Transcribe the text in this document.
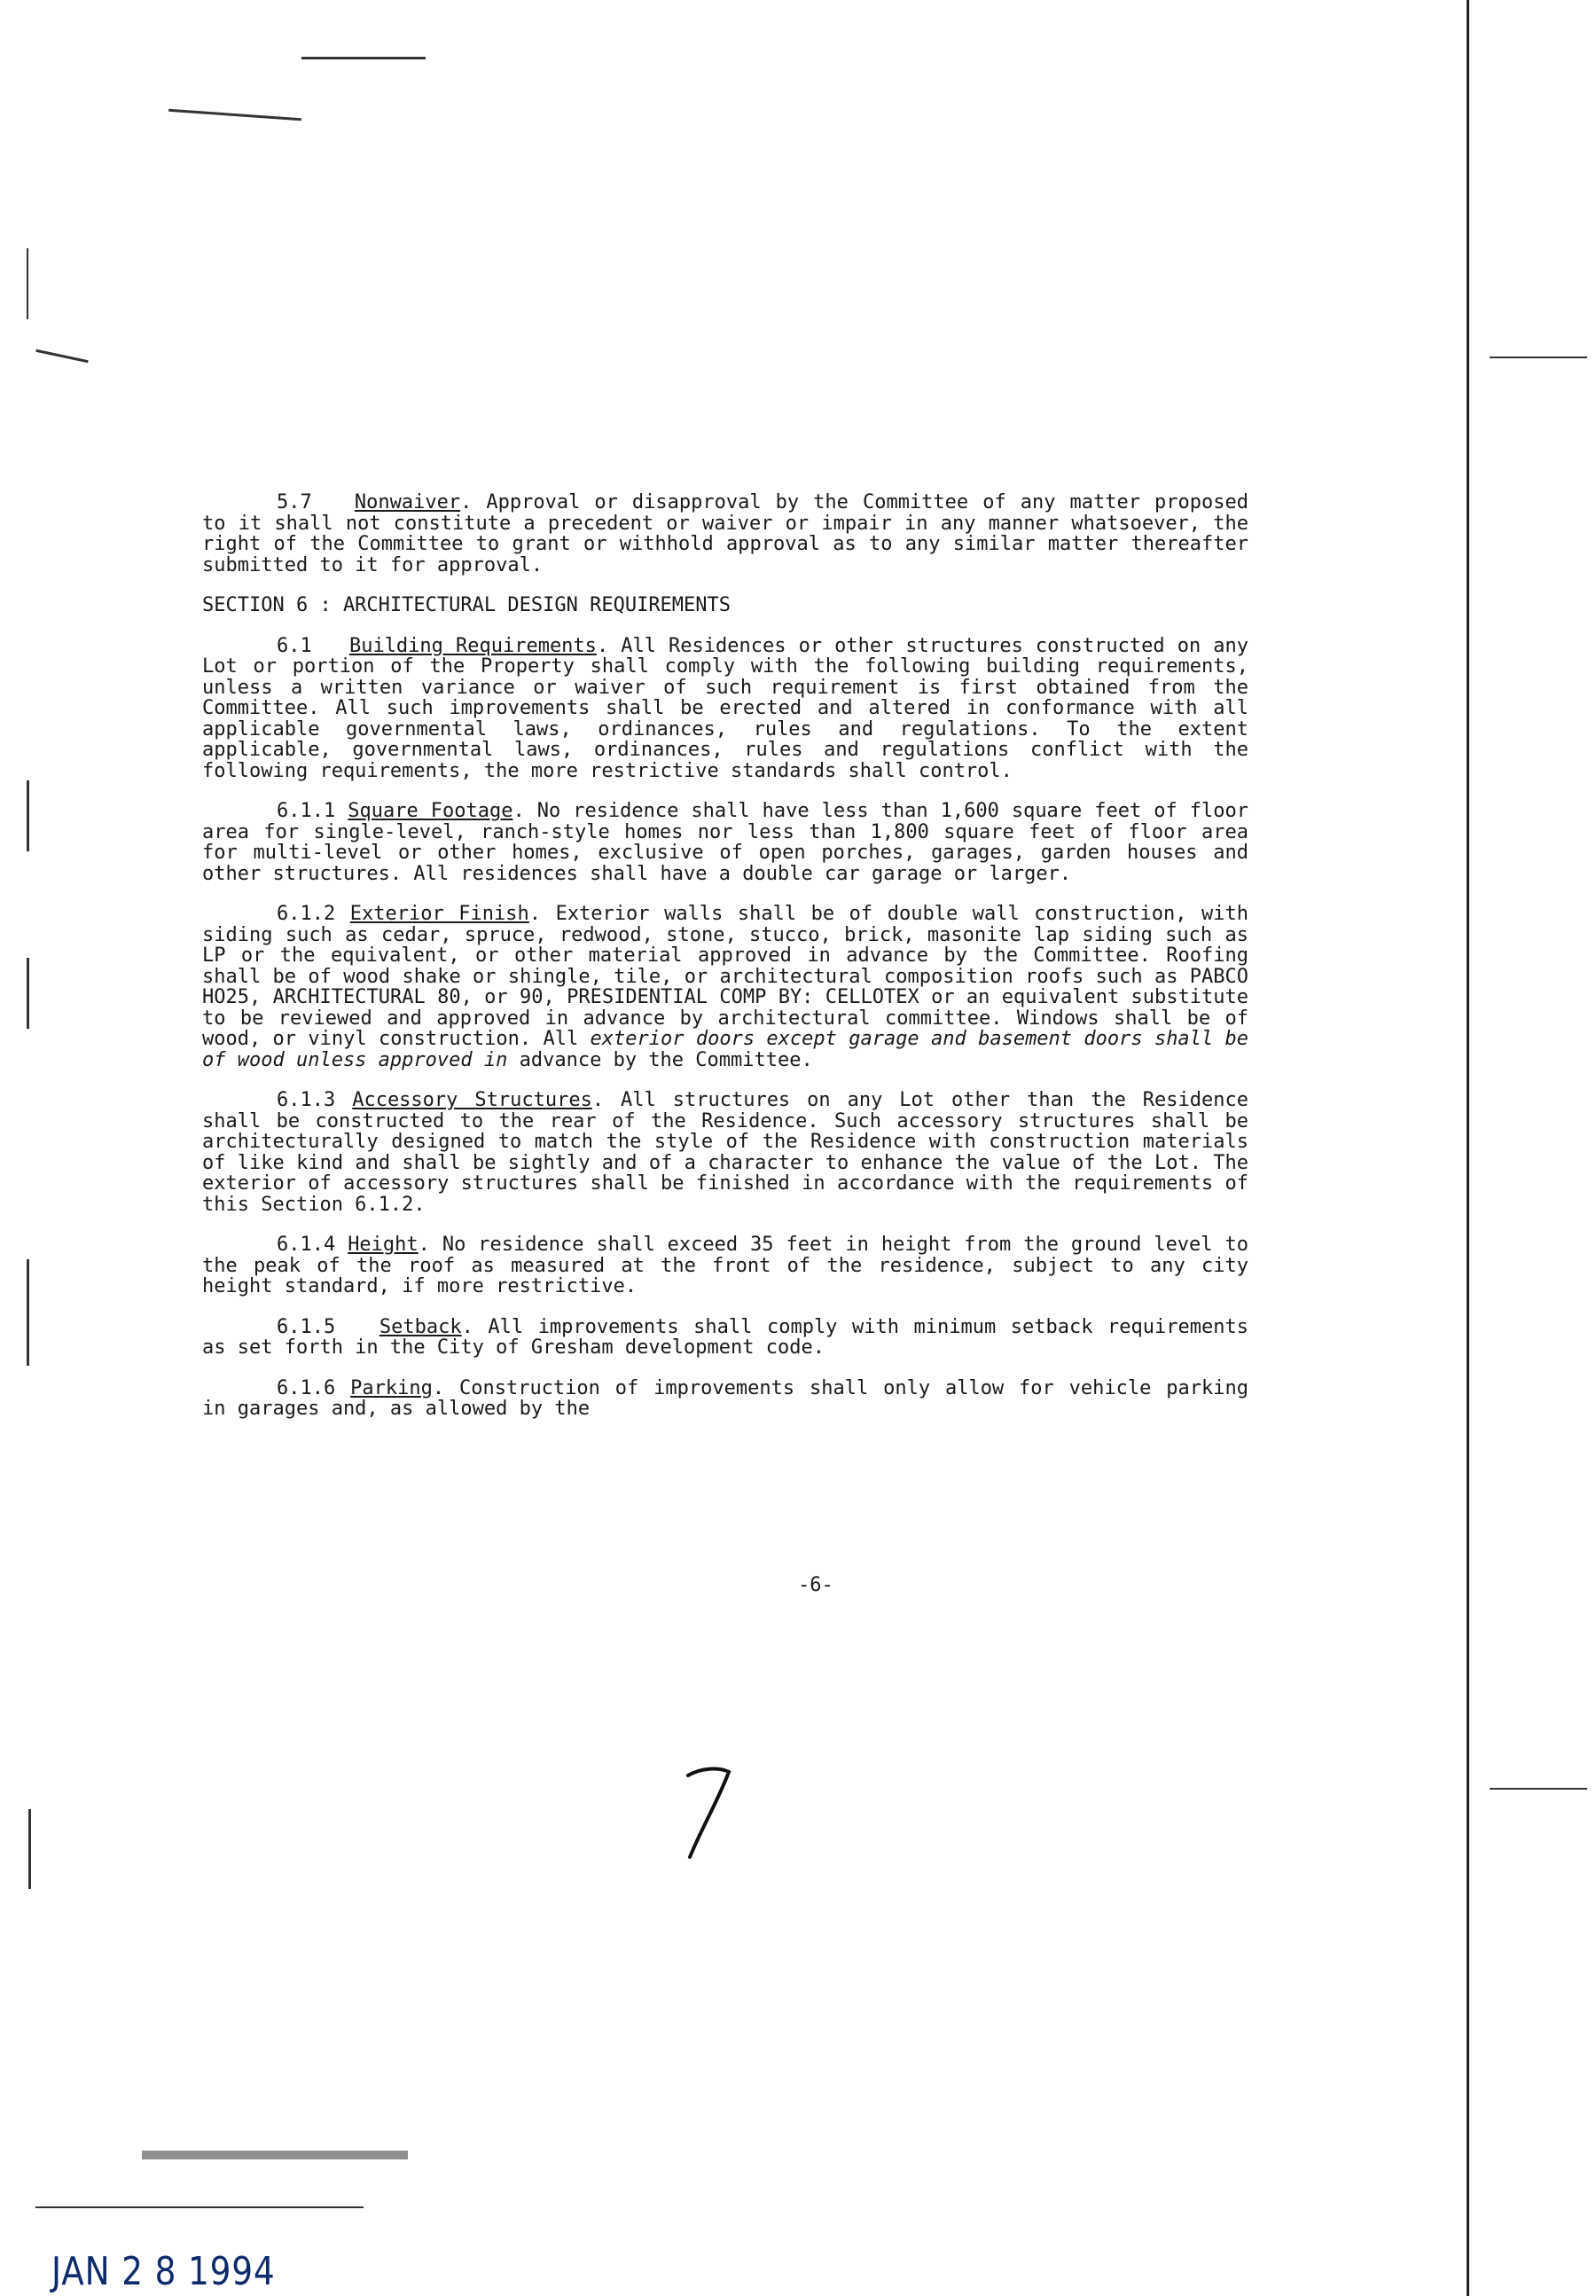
5.7 Nonwaiver. Approval or disapproval by the Committee of any matter proposed to it shall not constitute a precedent or waiver or impair in any manner whatsoever, the right of the Committee to grant or withhold approval as to any similar matter thereafter submitted to it for approval.

SECTION 6 : ARCHITECTURAL DESIGN REQUIREMENTS

6.1 Building Requirements. All Residences or other structures constructed on any Lot or portion of the Property shall comply with the following building requirements, unless a written variance or waiver of such requirement is first obtained from the Committee. All such improvements shall be erected and altered in conformance with all applicable governmental laws, ordinances, rules and regulations. To the extent applicable, governmental laws, ordinances, rules and regulations conflict with the following requirements, the more restrictive standards shall control.

6.1.1 Square Footage. No residence shall have less than 1,600 square feet of floor area for single-level, ranch-style homes nor less than 1,800 square feet of floor area for multi-level or other homes, exclusive of open porches, garages, garden houses and other structures. All residences shall have a double car garage or larger.

6.1.2 Exterior Finish. Exterior walls shall be of double wall construction, with siding such as cedar, spruce, redwood, stone, stucco, brick, masonite lap siding such as LP or the equivalent, or other material approved in advance by the Committee. Roofing shall be of wood shake or shingle, tile, or architectural composition roofs such as PABCO HO25, ARCHITECTURAL 80, or 90, PRESIDENTIAL COMP BY: CELLOTEX or an equivalent substitute to be reviewed and approved in advance by architectural committee. Windows shall be of wood, or vinyl construction. All exterior doors except garage and basement doors shall be of wood unless approved in advance by the Committee.

6.1.3 Accessory Structures. All structures on any Lot other than the Residence shall be constructed to the rear of the Residence. Such accessory structures shall be architecturally designed to match the style of the Residence with construction materials of like kind and shall be sightly and of a character to enhance the value of the Lot. The exterior of accessory structures shall be finished in accordance with the requirements of this Section 6.1.2.

6.1.4 Height. No residence shall exceed 35 feet in height from the ground level to the peak of the roof as measured at the front of the residence, subject to any city height standard, if more restrictive.

6.1.5 Setback. All improvements shall comply with minimum setback requirements as set forth in the City of Gresham development code.

6.1.6 Parking. Construction of improvements shall only allow for vehicle parking in garages and, as allowed by the

-6-
JAN 2 8 1994
